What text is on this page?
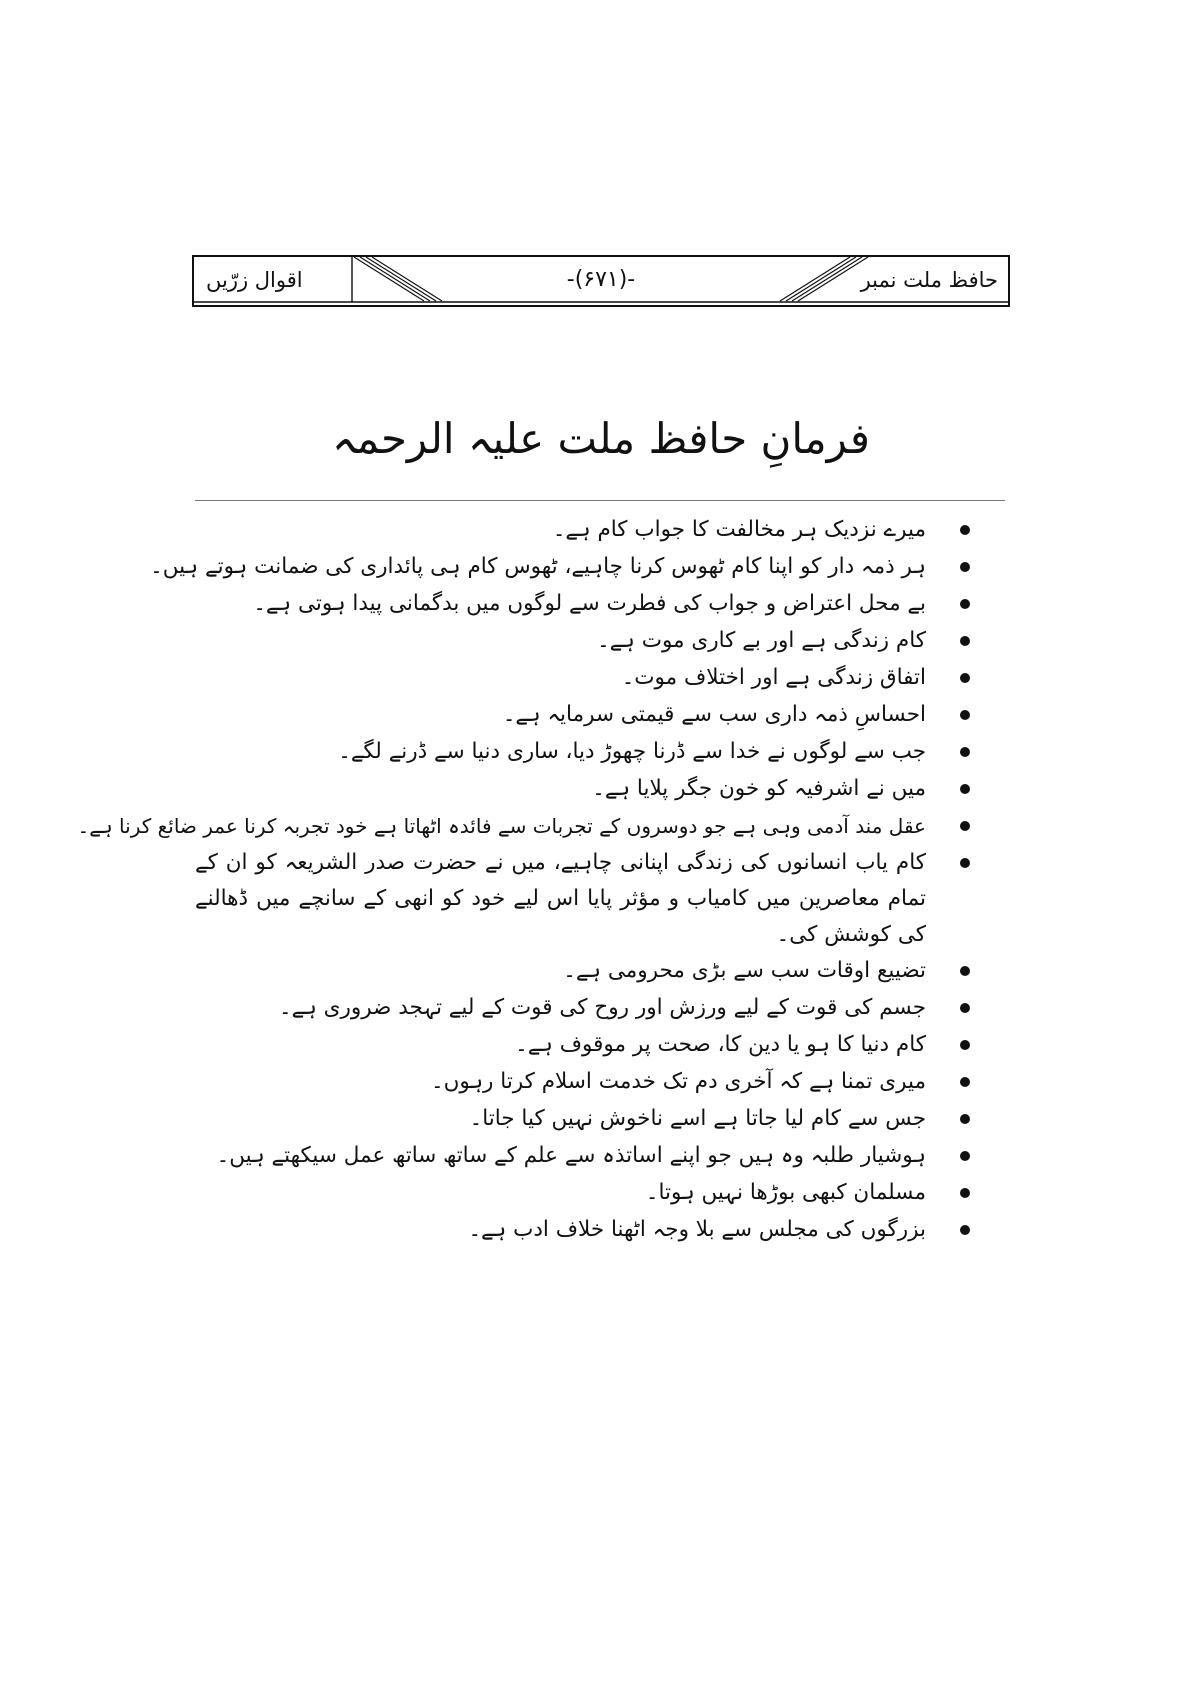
حافظ ملت نمبر
-(۶۷۱)-
اقوال زرّیں
فرمانِ حافظ ملت علیہ الرحمہ
میرے نزدیک ہر مخالفت کا جواب کام ہے۔
ہر ذمہ دار کو اپنا کام ٹھوس کرنا چاہیے، ٹھوس کام ہی پائداری کی ضمانت ہوتے ہیں۔
بے محل اعتراض و جواب کی فطرت سے لوگوں میں بدگمانی پیدا ہوتی ہے۔
کام زندگی ہے اور بے کاری موت ہے۔
اتفاق زندگی ہے اور اختلاف موت۔
احساسِ ذمہ داری سب سے قیمتی سرمایہ ہے۔
جب سے لوگوں نے خدا سے ڈرنا چھوڑ دیا، ساری دنیا سے ڈرنے لگے۔
میں نے اشرفیہ کو خون جگر پلایا ہے۔
عقل مند آدمی وہی ہے جو دوسروں کے تجربات سے فائدہ اٹھاتا ہے خود تجربہ کرنا عمر ضائع کرنا ہے۔
کام یاب انسانوں کی زندگی اپنانی چاہیے، میں نے حضرت صدر الشریعہ کو ان کے تمام معاصرین میں کامیاب و مؤثر پایا اس لیے خود کو انھی کے سانچے میں ڈھالنے کی کوشش کی۔
تضییع اوقات سب سے بڑی محرومی ہے۔
جسم کی قوت کے لیے ورزش اور روح کی قوت کے لیے تہجد ضروری ہے۔
کام دنیا کا ہو یا دین کا، صحت پر موقوف ہے۔
میری تمنا ہے کہ آخری دم تک خدمت اسلام کرتا رہوں۔
جس سے کام لیا جاتا ہے اسے ناخوش نہیں کیا جاتا۔
ہوشیار طلبہ وہ ہیں جو اپنے اساتذہ سے علم کے ساتھ ساتھ عمل سیکھتے ہیں۔
مسلمان کبھی بوڑھا نہیں ہوتا۔
بزرگوں کی مجلس سے بلا وجہ اٹھنا خلاف ادب ہے۔
